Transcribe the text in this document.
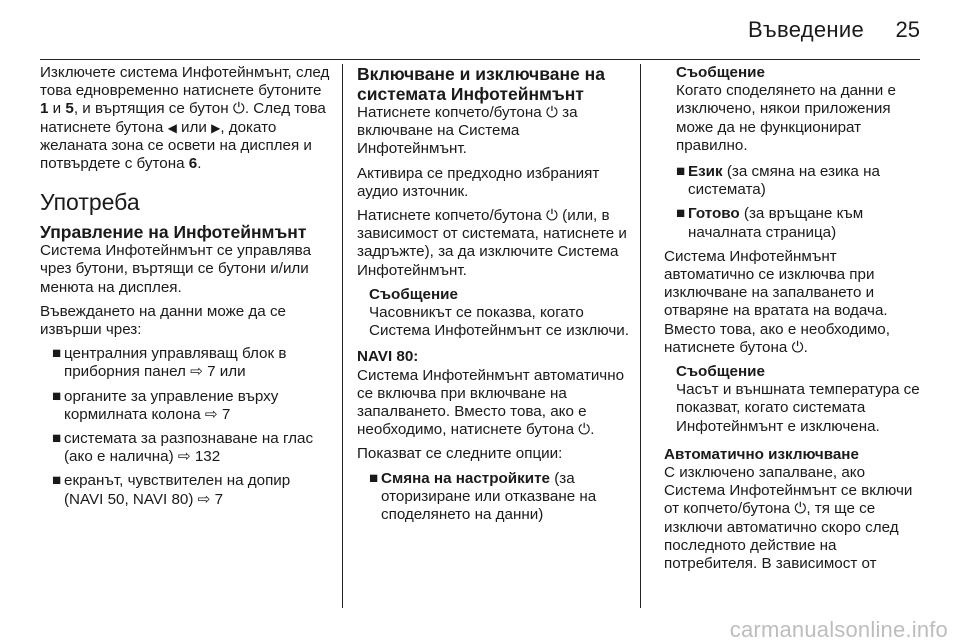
Въведение 25

Изключете система Инфотейнмънт, след това едновременно натиснете бутоните 1 и 5, и въртящия се бутон ⏻. След това натиснете бутона ◀ или ▶, докато желаната зона се освети на дисплея и потвърдете с бутона 6.

Употреба
Управление на Инфотейнмънт

Система Инфотейнмънт се управлява чрез бутони, въртящи се бутони и/или менюта на дисплея.

Въвеждането на данни може да се извърши чрез:

■ централния управляващ блок в приборния панел ⇨ 7 или
■ органите за управление върху кормилната колона ⇨ 7
■ системата за разпознаване на глас (ако е налична) ⇨ 132
■ екранът, чувствителен на допир (NAVI 50, NAVI 80) ⇨ 7
Включване и изключване на системата Инфотейнмънт

Натиснете копчето/бутона ⏻ за включване на Система Инфотейнмънт.

Активира се предходно избраният аудио източник.

Натиснете копчето/бутона ⏻ (или, в зависимост от системата, натиснете и задръжте), за да изключите Система Инфотейнмънт.

Съобщение
Часовникът се показва, когато Система Инфотейнмънт се изключи.
NAVI 80:

Система Инфотейнмънт автоматично се включва при включване на запалването. Вместо това, ако е необходимо, натиснете бутона ⏻.

Показват се следните опции:

■ Смяна на настройките (за оторизиране или отказване на споделянето на данни)
Съобщение
Когато споделянето на данни е изключено, някои приложения може да не функционират правилно.
■ Език (за смяна на езика на системата)
■ Готово (за връщане към началната страница)

Система Инфотейнмънт автоматично се изключва при изключване на запалването и отваряне на вратата на водача. Вместо това, ако е необходимо, натиснете бутона ⏻.

Съобщение
Часът и външната температура се показват, когато системата Инфотейнмънт е изключена.
Автоматично изключване

С изключено запалване, ако Система Инфотейнмънт се включи от копчето/бутона ⏻, тя ще се изключи автоматично скоро след последното действие на потребителя. В зависимост от

carmanualsonline.info
